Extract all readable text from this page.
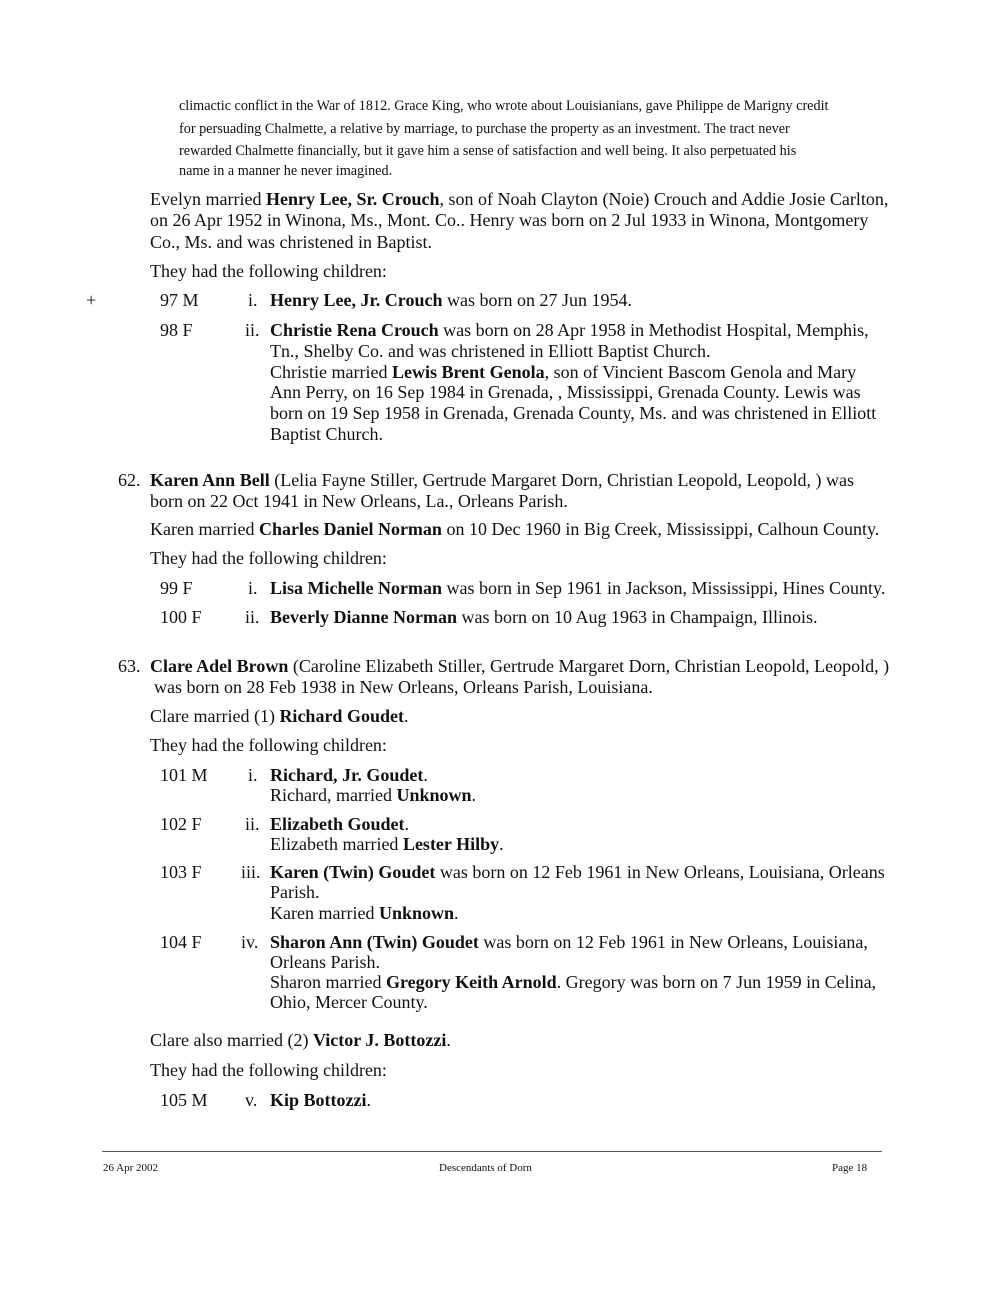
climactic conflict in the War of 1812. Grace King, who wrote about Louisianians, gave Philippe de Marigny credit
for persuading Chalmette, a relative by marriage, to purchase the property as an investment. The tract never
rewarded Chalmette financially, but it gave him a sense of satisfaction and well being. It also perpetuated his
name in a manner he never imagined.
Evelyn married Henry Lee, Sr. Crouch, son of Noah Clayton (Noie) Crouch and Addie Josie Carlton,
on 26 Apr 1952 in Winona, Ms., Mont. Co.. Henry was born on 2 Jul 1933 in Winona, Montgomery
Co., Ms. and was christened in Baptist.
They had the following children:
+	97 M	i. Henry Lee, Jr. Crouch was born on 27 Jun 1954.
98 F	ii. Christie Rena Crouch was born on 28 Apr 1958 in Methodist Hospital, Memphis,
Tn., Shelby Co. and was christened in Elliott Baptist Church.
Christie married Lewis Brent Genola, son of Vincient Bascom Genola and Mary
Ann Perry, on 16 Sep 1984 in Grenada, , Mississippi, Grenada County. Lewis was
born on 19 Sep 1958 in Grenada, Grenada County, Ms. and was christened in Elliott
Baptist Church.
62. Karen Ann Bell (Lelia Fayne Stiller, Gertrude Margaret Dorn, Christian Leopold, Leopold, ) was
born on 22 Oct 1941 in New Orleans, La., Orleans Parish.
Karen married Charles Daniel Norman on 10 Dec 1960 in Big Creek, Mississippi, Calhoun County.
They had the following children:
99 F	i. Lisa Michelle Norman was born in Sep 1961 in Jackson, Mississippi, Hines County.
100 F ii. Beverly Dianne Norman was born on 10 Aug 1963 in Champaign, Illinois.
63. Clare Adel Brown (Caroline Elizabeth Stiller, Gertrude Margaret Dorn, Christian Leopold, Leopold, )
was born on 28 Feb 1938 in New Orleans, Orleans Parish, Louisiana.
Clare married (1) Richard Goudet.
They had the following children:
101 M i. Richard, Jr. Goudet.
Richard, married Unknown.
102 F ii. Elizabeth Goudet.
Elizabeth married Lester Hilby.
103 F iii. Karen (Twin) Goudet was born on 12 Feb 1961 in New Orleans, Louisiana, Orleans
Parish.
Karen married Unknown.
104 F iv. Sharon Ann (Twin) Goudet was born on 12 Feb 1961 in New Orleans, Louisiana,
Orleans Parish.
Sharon married Gregory Keith Arnold. Gregory was born on 7 Jun 1959 in Celina,
Ohio, Mercer County.
Clare also married (2) Victor J. Bottozzi.
They had the following children:
105 M v. Kip Bottozzi.
26 Apr 2002	Descendants of Dorn	Page 18
